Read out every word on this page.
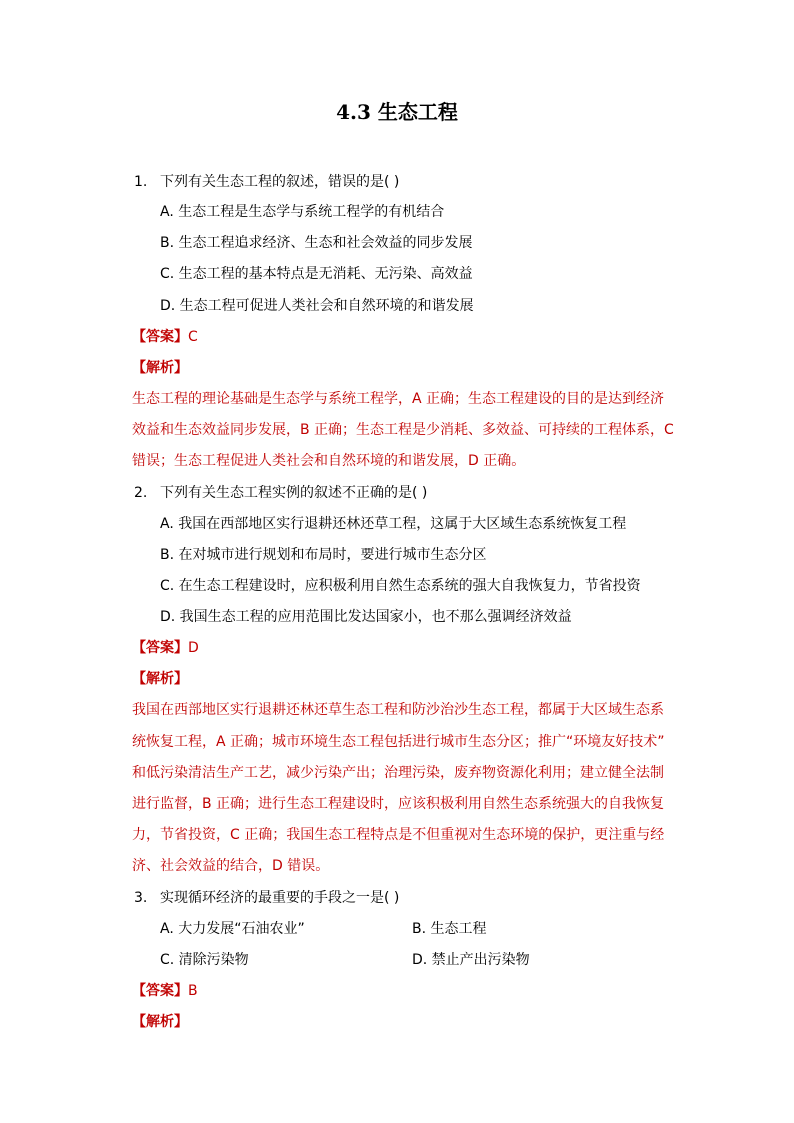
4.3 生态工程
1. 下列有关生态工程的叙述，错误的是( )
A. 生态工程是生态学与系统工程学的有机结合
B. 生态工程追求经济、生态和社会效益的同步发展
C. 生态工程的基本特点是无消耗、无污染、高效益
D. 生态工程可促进人类社会和自然环境的和谐发展
【答案】C
【解析】
生态工程的理论基础是生态学与系统工程学，A 正确；生态工程建设的目的是达到经济
效益和生态效益同步发展，B 正确；生态工程是少消耗、多效益、可持续的工程体系，C
错误；生态工程促进人类社会和自然环境的和谐发展，D 正确。
2. 下列有关生态工程实例的叙述不正确的是( )
A. 我国在西部地区实行退耕还林还草工程，这属于大区域生态系统恢复工程
B. 在对城市进行规划和布局时，要进行城市生态分区
C. 在生态工程建设时，应积极利用自然生态系统的强大自我恢复力，节省投资
D. 我国生态工程的应用范围比发达国家小，也不那么强调经济效益
【答案】D
【解析】
我国在西部地区实行退耕还林还草生态工程和防沙治沙生态工程，都属于大区域生态系
统恢复工程，A 正确；城市环境生态工程包括进行城市生态分区；推广“环境友好技术”
和低污染清洁生产工艺，减少污染产出；治理污染，废弃物资源化利用；建立健全法制
进行监督，B 正确；进行生态工程建设时，应该积极利用自然生态系统强大的自我恢复
力，节省投资，C 正确；我国生态工程特点是不但重视对生态环境的保护，更注重与经
济、社会效益的结合，D 错误。
3. 实现循环经济的最重要的手段之一是( )
A. 大力发展“石油农业”	B. 生态工程
C. 清除污染物	D. 禁止产出污染物
【答案】B
【解析】
